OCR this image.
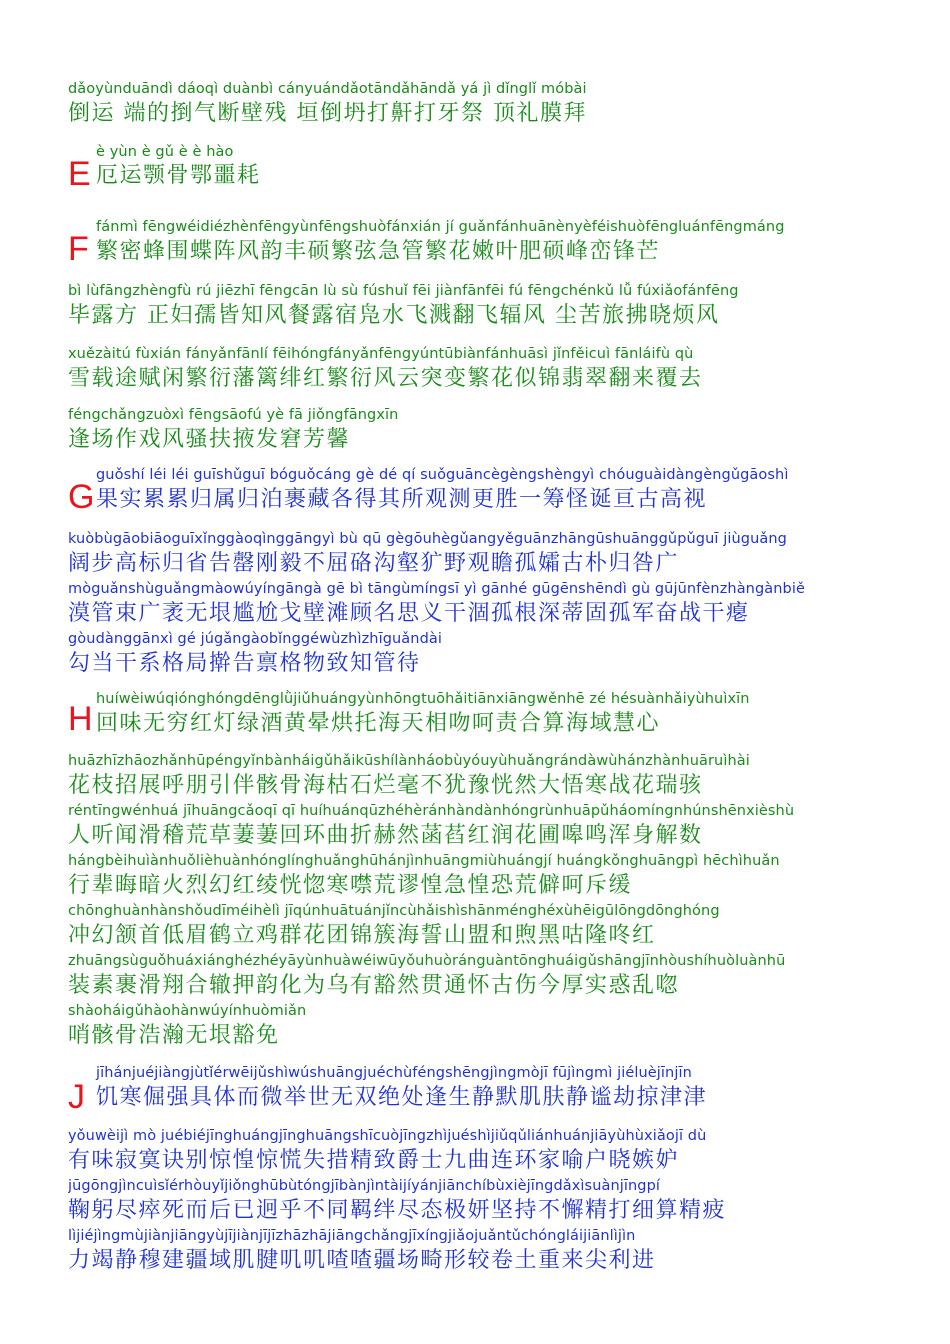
dǎoyùnduāndì dáoqì duànbì cányuándǎotāndǎhāndǎ yá jì dǐnglǐ móbài
倒运 端的捯气断壁残 垣倒坍打鼾打牙祭 顶礼膜拜
E
è yùn è gǔ è è hào
厄运颚骨鄂噩耗
F
fánmì fēngwéidiézhènfēngyùnfēngshuòfánxián jí guǎnfánhuānènyèféishuòfēngluánfēngmáng
繁密蜂围蝶阵风韵丰硕繁弦急管繁花嫩叶肥硕峰峦锋芒
bì lùfāngzhèngfù rú jiēzhī fēngcān lù sù fúshuǐ fēi jiànfānfēi fú fēngchénkǔ lǚ fúxiǎofánfēng
毕露方 正妇孺皆知风餐露宿凫水飞溅翻飞辐风 尘苦旅拂晓烦风
xuězàitú fùxián fányǎnfānlí fēihóngfányǎnfēngyúntūbiànfánhuāsì jǐnfěicuì fānláifù qù
雪载途赋闲繁衍藩篱绯红繁衍风云突变繁花似锦翡翠翻来覆去
féngchǎngzuòxì fēngsāofú yè fā jiǒngfāngxīn
逢场作戏风骚扶掖发窘芳馨
G
guǒshí léi léi guīshǔguī bóguǒcáng gè dé qí suǒguāncègèngshèngyì chóuguàidàngèngǔgāoshì
果实累累归属归泊裹藏各得其所观测更胜一筹怪诞亘古高视
kuòbùgāobiāoguīxǐnggàoqìnggāngyì bù qū gègōuhègǔangyěguānzhāngūshuānggǔpǔguī jiùguǎng
阔步高标归省告罄刚毅不屈硌沟壑犷野观瞻孤孀古朴归咎广
mòguǎnshùguǎngmàowúyíngāngà gē bì tāngùmíngsī yì gānhé gūgēnshēndì gù gūjūnfènzhàngànbiě
漠管束广袤无垠尴尬戈壁滩顾名思义干涸孤根深蒂固孤军奋战干瘪
gòudànggānxì gé júgǎngàobǐnggéwùzhìzhīguǎndài
勾当干系格局擀告禀格物致知管待
H
huíwèiwúqiónghóngdēnglǜjiǔhuángyùnhōngtuōhǎitiānxiāngwěnhē zé hésuànhǎiyùhuìxīn
回味无穷红灯绿酒黄晕烘托海天相吻呵责合算海域慧心
huāzhīzhāozhǎnhūpéngyǐnbànháigǔhǎikūshílànháobùyóuyùhuǎngrándàwùhánzhànhuāruìhài
花枝招展呼朋引伴骸骨海枯石烂毫不犹豫恍然大悟寒战花瑞骇
réntīngwénhuá jīhuāngcǎoqī qī huíhuánqūzhéhèránhàndànhóngrùnhuāpǔháomíngnhúnshēnxièshù
人听闻滑稽荒草萋萋回环曲折赫然菡萏红润花圃嗥鸣浑身解数
hángbèihuìànhuǒlièhuànhónglínghuǎnghūhánjìnhuāngmiùhuángjí huángkǒnghuāngpì hēchìhuǎn
行辈晦暗火烈幻红绫恍惚寒噤荒谬惶急惶恐荒僻呵斥缓
chōnghuànhànshǒudīméihèlì jīqúnhuātuánjǐncùhǎishìshānménghéxùhēigūlōngdōnghóng
冲幻颔首低眉鹤立鸡群花团锦簇海誓山盟和煦黑咕隆咚红
zhuāngsùguǒhuáxiánghézhéyāyùnhuàwéiwūyǒuhuòránguàntōnghuáigǔshāngjīnhòushíhuòluànhū
装素裹滑翔合辙押韵化为乌有豁然贯通怀古伤今厚实惑乱唿
shàoháigǔhàohànwúyínhuòmiǎn
哨骸骨浩瀚无垠豁免
J
jīhánjuéjiàngjùtǐérwēijǔshìwúshuāngjuéchùféngshēngjìngmòjī fūjìngmì jiéluèjīnjīn
饥寒倔强具体而微举世无双绝处逢生静默肌肤静谧劫掠津津
yǒuwèijì mò juébiéjīnghuángjīnghuāngshīcuòjīngzhìjuéshìjiǔqǔliánhuánjiāyùhùxiǎojī dù
有味寂寞诀别惊惶惊慌失措精致爵士九曲连环家喻户晓嫉妒
jūgōngjìncuìsǐérhòuyǐjiǒnghūbùtóngjībànjìntàijíyánjiānchíbùxièjīngdǎxìsuànjīngpí
鞠躬尽瘁死而后已迥乎不同羁绊尽态极妍坚持不懈精打细算精疲
lìjiéjìngmùjiànjiāngyùjījiànjījīzhāzhājiāngchǎngjīxíngjiǎojuǎntǔchóngláijiānlìjìn
力竭静穆建疆域肌腱叽叽喳喳疆场畸形较卷土重来尖利进
